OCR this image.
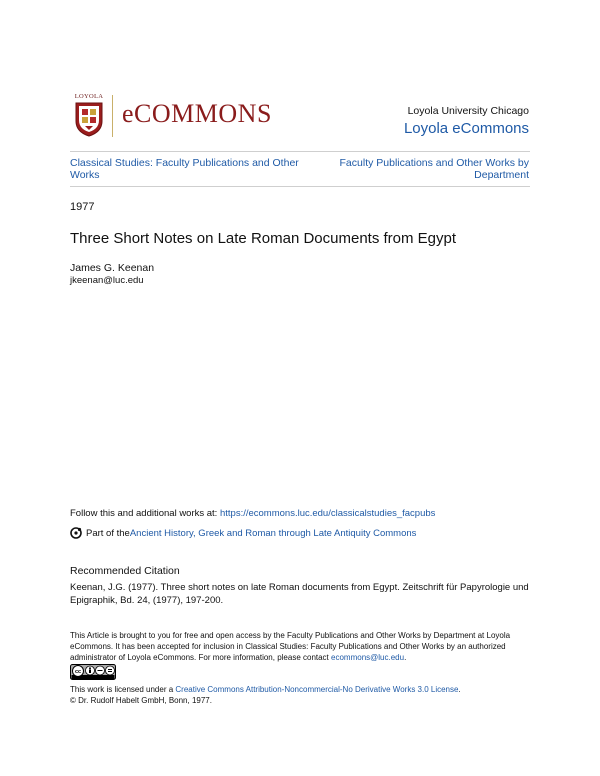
LOYOLA
eCOMMONS	Loyola University Chicago
Loyola eCommons
Classical Studies: Faculty Publications and Other Works
Faculty Publications and Other Works by Department
1977
Three Short Notes on Late Roman Documents from Egypt
James G. Keenan
jkeenan@luc.edu
Follow this and additional works at: https://ecommons.luc.edu/classicalstudies_facpubs
Part of the Ancient History, Greek and Roman through Late Antiquity Commons
Recommended Citation
Keenan, J.G. (1977). Three short notes on late Roman documents from Egypt. Zeitschrift für Papyrologie und Epigraphik, Bd. 24, (1977), 197-200.
This Article is brought to you for free and open access by the Faculty Publications and Other Works by Department at Loyola eCommons. It has been accepted for inclusion in Classical Studies: Faculty Publications and Other Works by an authorized administrator of Loyola eCommons. For more information, please contact ecommons@luc.edu.
cc
This work is licensed under a Creative Commons Attribution-Noncommercial-No Derivative Works 3.0 License.
© Dr. Rudolf Habelt GmbH, Bonn, 1977.
